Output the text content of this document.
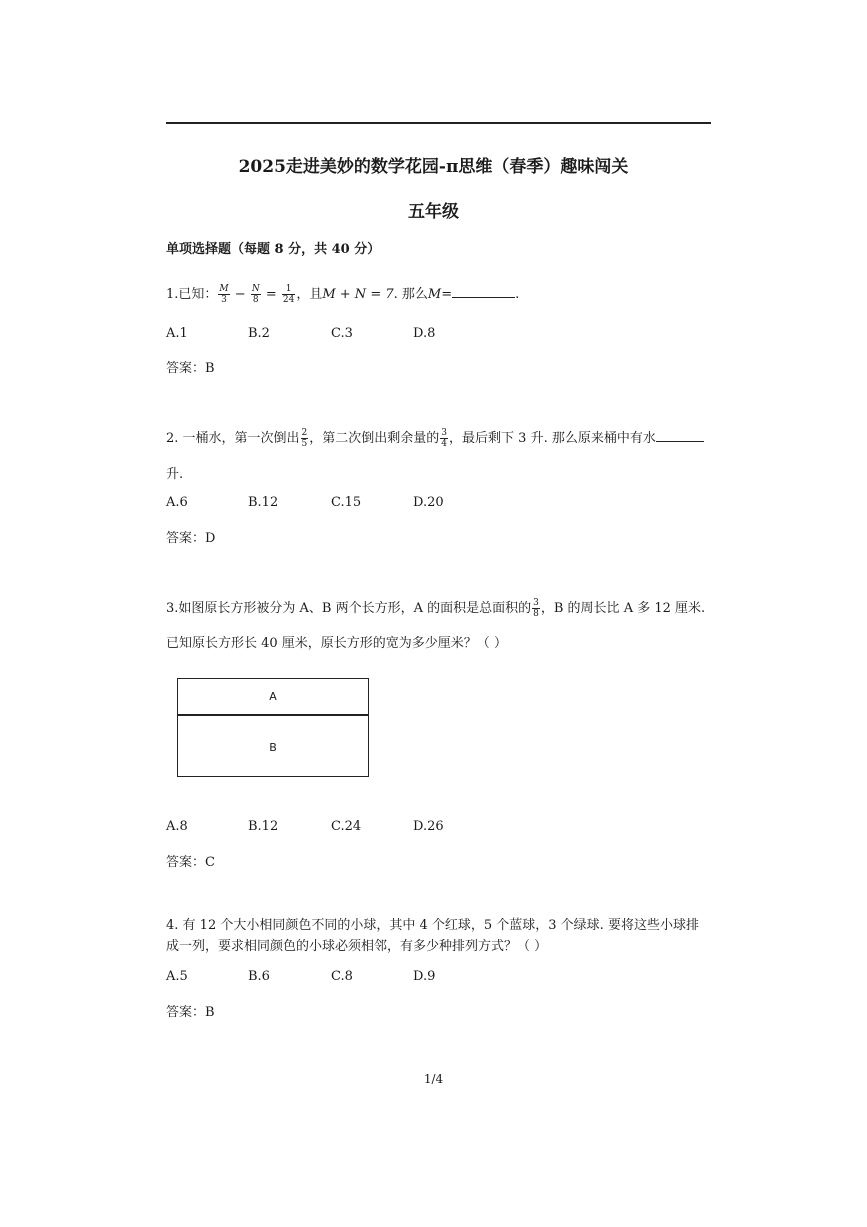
2025走进美妙的数学花园-π思维（春季）趣味闯关
五年级
单项选择题（每题 8 分，共 40 分）
1.已知： $\frac{M}{3} - \frac{N}{8} = \frac{1}{24}$ ，且M + N = 7. 那么M=	.
A.1	B.2	C.3	D.8
答案：B
2. 一桶水，第一次倒出 $\frac{2}{5}$ ，第二次倒出剩余量的 $\frac{3}{4}$ ，最后剩下 3 升. 那么原来桶中有水
升.
A.6	B.12	C.15	D.20
答案：D
3.如图原长方形被分为 A、B 两个长方形，A 的面积是总面积的 $\frac{3}{8}$ ，B 的周长比 A 多 12 厘米.
已知原长方形长 40 厘米，原长方形的宽为多少厘米？（ ）
A
B
A.8	B.12	C.24	D.26
答案：C
4. 有 12 个大小相同颜色不同的小球，其中 4 个红球，5 个蓝球，3 个绿球. 要将这些小球排
成一列，要求相同颜色的小球必须相邻，有多少种排列方式？（ ）
A.5	B.6	C.8	D.9
答案：B
1/4
